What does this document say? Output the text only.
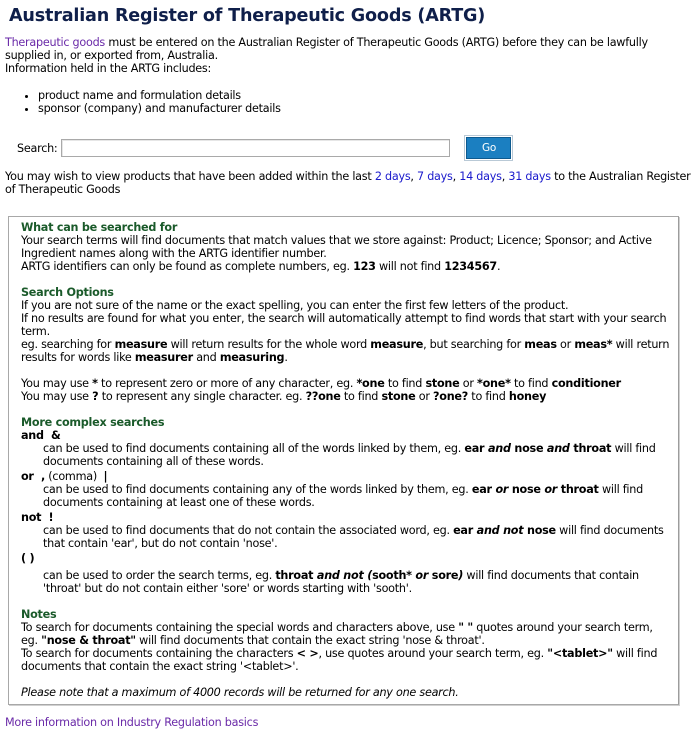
Australian Register of Therapeutic Goods (ARTG)
Therapeutic goods must be entered on the Australian Register of Therapeutic Goods (ARTG) before they can be lawfully supplied in, or exported from, Australia.
Information held in the ARTG includes:
• product name and formulation details
• sponsor (company) and manufacturer details
Search:	Go
You may wish to view products that have been added within the last 2 days, 7 days, 14 days, 31 days to the Australian Register of Therapeutic Goods
What can be searched for
Your search terms will find documents that match values that we store against: Product; Licence; Sponsor; and Active Ingredient names along with the ARTG identifier number.
ARTG identifiers can only be found as complete numbers, eg. 123 will not find 1234567.
Search Options
If you are not sure of the name or the exact spelling, you can enter the first few letters of the product.
If no results are found for what you enter, the search will automatically attempt to find words that start with your search term.
eg. searching for measure will return results for the whole word measure, but searching for meas or meas* will return results for words like measurer and measuring.
You may use * to represent zero or more of any character, eg. *one to find stone or *one* to find conditioner
You may use ? to represent any single character. eg. ??one to find stone or ?one? to find honey
More complex searches
and  &
can be used to find documents containing all of the words linked by them, eg. ear and nose and throat will find documents containing all of these words.
or  , (comma)  |
can be used to find documents containing any of the words linked by them, eg. ear or nose or throat will find documents containing at least one of these words.
not  !
can be used to find documents that do not contain the associated word, eg. ear and not nose will find documents that contain 'ear', but do not contain 'nose'.
( )
can be used to order the search terms, eg. throat and not (sooth* or sore) will find documents that contain 'throat' but do not contain either 'sore' or words starting with 'sooth'.
Notes
To search for documents containing the special words and characters above, use " " quotes around your search term, eg. "nose & throat" will find documents that contain the exact string 'nose & throat'.
To search for documents containing the characters < >, use quotes around your search term, eg. "<tablet>" will find documents that contain the exact string '<tablet>'.
Please note that a maximum of 4000 records will be returned for any one search.
More information on Industry Regulation basics
